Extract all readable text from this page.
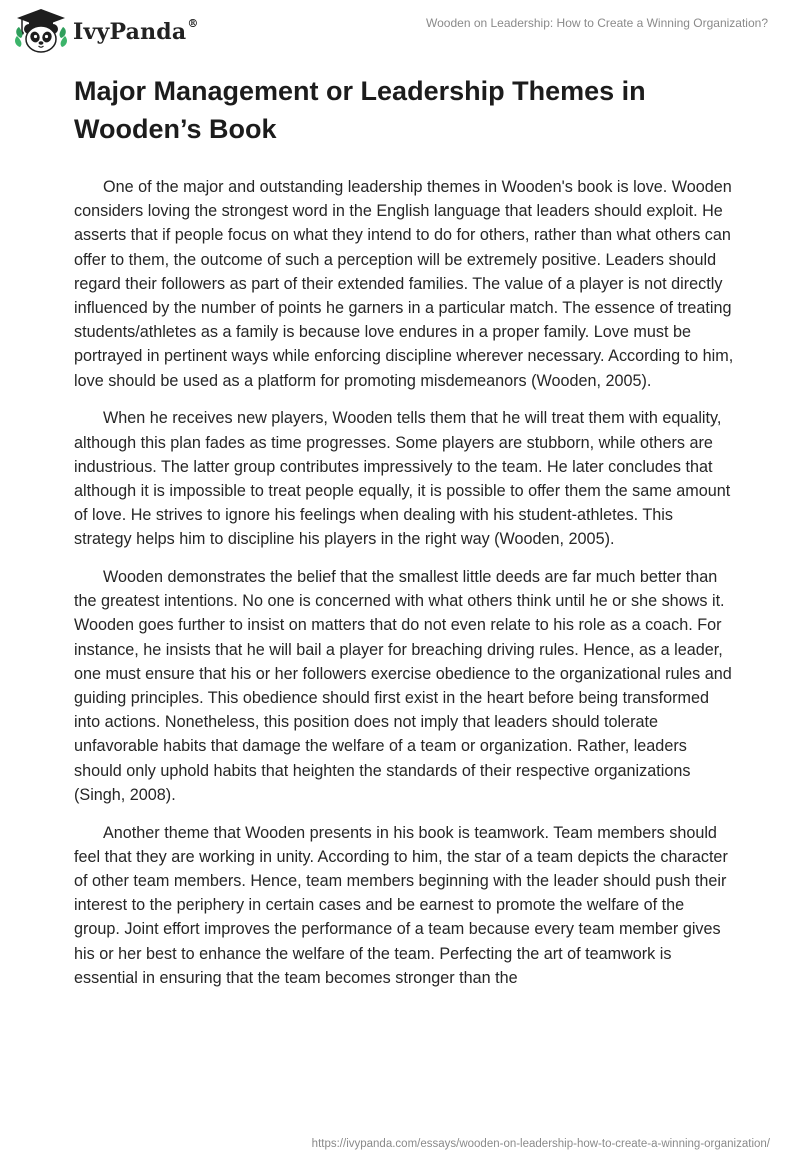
IvyPanda®	Wooden on Leadership: How to Create a Winning Organization?
Major Management or Leadership Themes in Wooden’s Book

One of the major and outstanding leadership themes in Wooden's book is love. Wooden considers loving the strongest word in the English language that leaders should exploit. He asserts that if people focus on what they intend to do for others, rather than what others can offer to them, the outcome of such a perception will be extremely positive. Leaders should regard their followers as part of their extended families. The value of a player is not directly influenced by the number of points he garners in a particular match. The essence of treating students/athletes as a family is because love endures in a proper family. Love must be portrayed in pertinent ways while enforcing discipline wherever necessary. According to him, love should be used as a platform for promoting misdemeanors (Wooden, 2005).

When he receives new players, Wooden tells them that he will treat them with equality, although this plan fades as time progresses. Some players are stubborn, while others are industrious. The latter group contributes impressively to the team. He later concludes that although it is impossible to treat people equally, it is possible to offer them the same amount of love. He strives to ignore his feelings when dealing with his student-athletes. This strategy helps him to discipline his players in the right way (Wooden, 2005).

Wooden demonstrates the belief that the smallest little deeds are far much better than the greatest intentions. No one is concerned with what others think until he or she shows it. Wooden goes further to insist on matters that do not even relate to his role as a coach. For instance, he insists that he will bail a player for breaching driving rules. Hence, as a leader, one must ensure that his or her followers exercise obedience to the organizational rules and guiding principles. This obedience should first exist in the heart before being transformed into actions. Nonetheless, this position does not imply that leaders should tolerate unfavorable habits that damage the welfare of a team or organization. Rather, leaders should only uphold habits that heighten the standards of their respective organizations (Singh, 2008).

Another theme that Wooden presents in his book is teamwork. Team members should feel that they are working in unity. According to him, the star of a team depicts the character of other team members. Hence, team members beginning with the leader should push their interest to the periphery in certain cases and be earnest to promote the welfare of the group. Joint effort improves the performance of a team because every team member gives his or her best to enhance the welfare of the team. Perfecting the art of teamwork is essential in ensuring that the team becomes stronger than the

https://ivypanda.com/essays/wooden-on-leadership-how-to-create-a-winning-organization/
